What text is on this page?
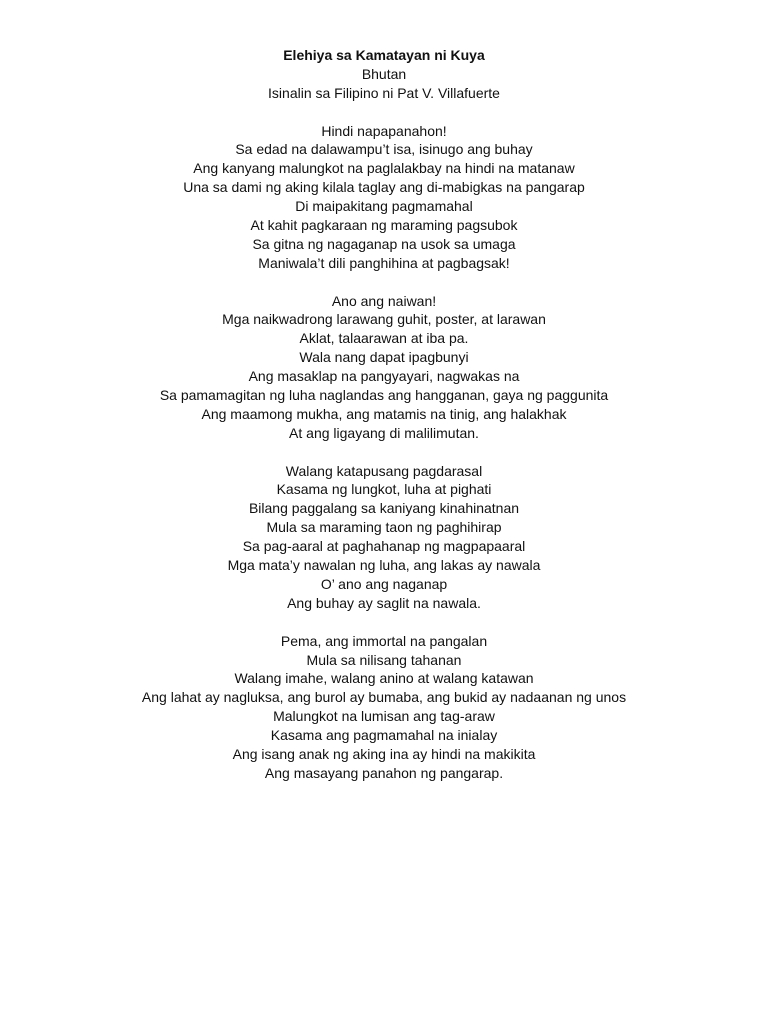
Elehiya sa Kamatayan ni Kuya
Bhutan
Isinalin sa Filipino ni Pat V. Villafuerte
Hindi napapanahon!
Sa edad na dalawampu’t isa, isinugo ang buhay
Ang kanyang malungkot na paglalakbay na hindi na matanaw
Una sa dami ng aking kilala taglay ang di-mabigkas na pangarap
Di maipakitang pagmamahal
At kahit pagkaraan ng maraming pagsubok
Sa gitna ng nagaganap na usok sa umaga
Maniwala’t dili panghihina at pagbagsak!
Ano ang naiwan!
Mga naikwadrong larawang guhit, poster, at larawan
Aklat, talaarawan at iba pa.
Wala nang dapat ipagbunyi
Ang masaklap na pangyayari, nagwakas na
Sa pamamagitan ng luha naglandas ang hangganan, gaya ng paggunita
Ang maamong mukha, ang matamis na tinig, ang halakhak
At ang ligayang di malilimutan.
Walang katapusang pagdarasal
Kasama ng lungkot, luha at pighati
Bilang paggalang sa kaniyang kinahinatnan
Mula sa maraming taon ng paghihirap
Sa pag-aaral at paghahanap ng magpapaaral
Mga mata’y nawalan ng luha, ang lakas ay nawala
O’ ano ang naganap
Ang buhay ay saglit na nawala.
Pema, ang immortal na pangalan
Mula sa nilisang tahanan
Walang imahe, walang anino at walang katawan
Ang lahat ay nagluksa, ang burol ay bumaba, ang bukid ay nadaanan ng unos
Malungkot na lumisan ang tag-araw
Kasama ang pagmamahal na inialay
Ang isang anak ng aking ina ay hindi na makikita
Ang masayang panahon ng pangarap.
